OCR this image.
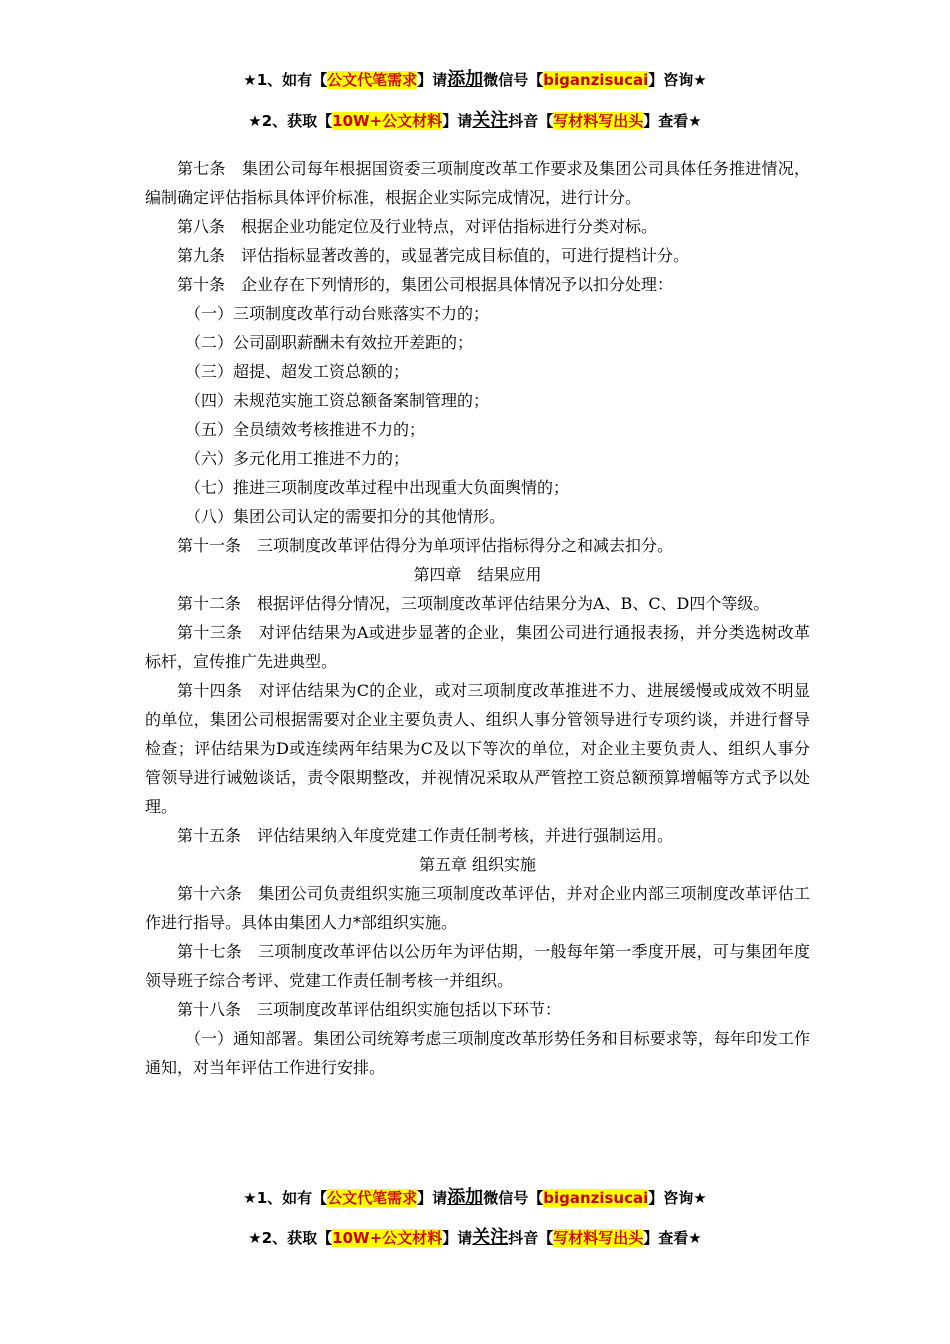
★1、如有【公文代笔需求】请添加微信号【biganzisucai】咨询★
★2、获取【10W+公文材料】请关注抖音【写材料写出头】查看★

第七条　集团公司每年根据国资委三项制度改革工作要求及集团公司具体任务推进情况，编制确定评估指标具体评价标准，根据企业实际完成情况，进行计分。

第八条　根据企业功能定位及行业特点，对评估指标进行分类对标。

第九条　评估指标显著改善的，或显著完成目标值的，可进行提档计分。

第十条　企业存在下列情形的，集团公司根据具体情况予以扣分处理：

（一）三项制度改革行动台账落实不力的；

（二）公司副职薪酬未有效拉开差距的；

（三）超提、超发工资总额的；

（四）未规范实施工资总额备案制管理的；

（五）全员绩效考核推进不力的；

（六）多元化用工推进不力的；

（七）推进三项制度改革过程中出现重大负面舆情的；

（八）集团公司认定的需要扣分的其他情形。

第十一条　三项制度改革评估得分为单项评估指标得分之和减去扣分。

第四章　结果应用

第十二条　根据评估得分情况，三项制度改革评估结果分为A、B、C、D四个等级。

第十三条　对评估结果为A或进步显著的企业，集团公司进行通报表扬，并分类选树改革标杆，宣传推广先进典型。

第十四条　对评估结果为C的企业，或对三项制度改革推进不力、进展缓慢或成效不明显的单位，集团公司根据需要对企业主要负责人、组织人事分管领导进行专项约谈，并进行督导检查；评估结果为D或连续两年结果为C及以下等次的单位，对企业主要负责人、组织人事分管领导进行诫勉谈话，责令限期整改，并视情况采取从严管控工资总额预算增幅等方式予以处理。

第十五条　评估结果纳入年度党建工作责任制考核，并进行强制运用。

第五章 组织实施

第十六条　集团公司负责组织实施三项制度改革评估，并对企业内部三项制度改革评估工作进行指导。具体由集团人力*部组织实施。

第十七条　三项制度改革评估以公历年为评估期，一般每年第一季度开展，可与集团年度领导班子综合考评、党建工作责任制考核一并组织。

第十八条　三项制度改革评估组织实施包括以下环节：

（一）通知部署。集团公司统筹考虑三项制度改革形势任务和目标要求等，每年印发工作通知，对当年评估工作进行安排。

★1、如有【公文代笔需求】请添加微信号【biganzisucai】咨询★
★2、获取【10W+公文材料】请关注抖音【写材料写出头】查看★
